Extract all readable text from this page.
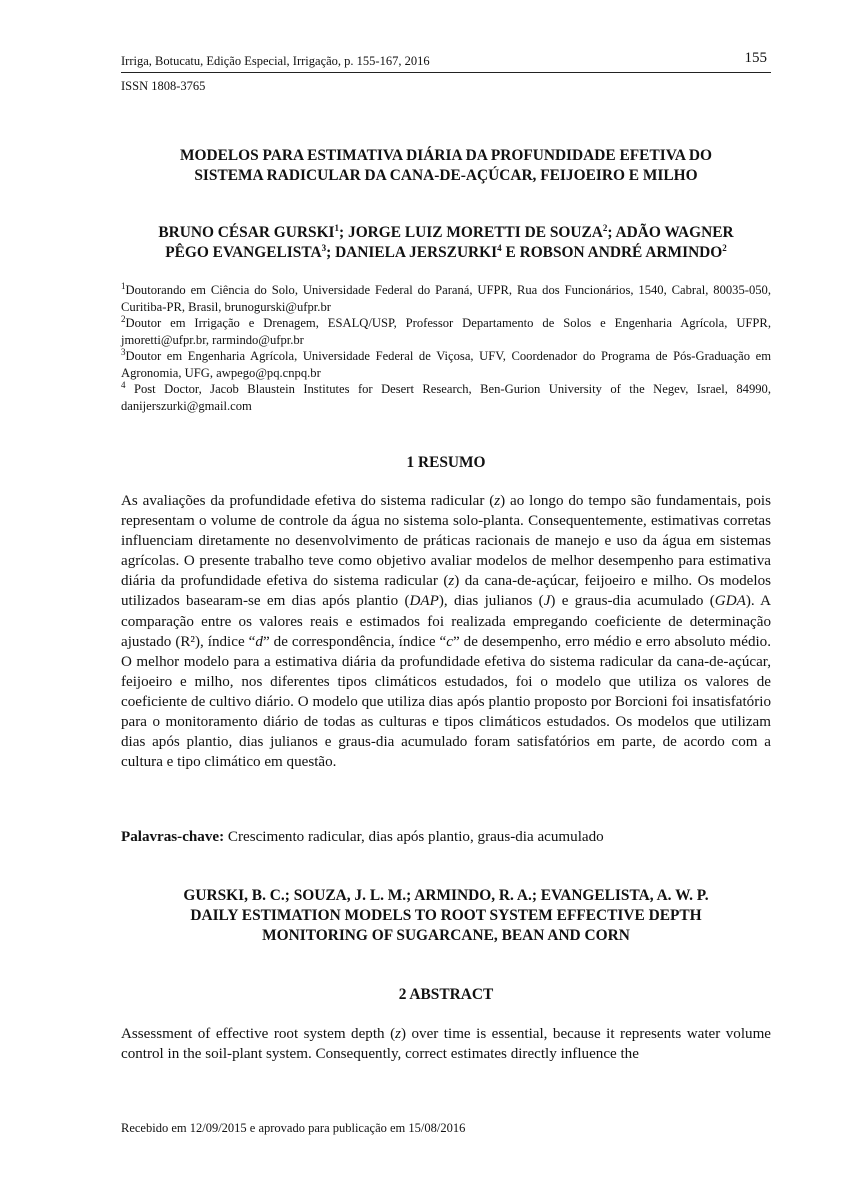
Irriga, Botucatu, Edição Especial, Irrigação, p. 155-167, 2016	155
ISSN 1808-3765
MODELOS PARA ESTIMATIVA DIÁRIA DA PROFUNDIDADE EFETIVA DO
SISTEMA RADICULAR DA CANA-DE-AÇÚCAR, FEIJOEIRO E MILHO
BRUNO CÉSAR GURSKI$^1$; JORGE LUIZ MORETTI DE SOUZA$^2$; ADÃO WAGNER
PÊGO EVANGELISTA$^3$; DANIELA JERSZURKI$^4$ E ROBSON ANDRÉ ARMINDO$^2$

$^1$Doutorando em Ciência do Solo, Universidade Federal do Paraná, UFPR, Rua dos Funcionários, 1540, Cabral, 80035-050, Curitiba-PR, Brasil, brunogurski@ufpr.br

$^2$Doutor em Irrigação e Drenagem, ESALQ/USP, Professor Departamento de Solos e Engenharia Agrícola, UFPR, jmoretti@ufpr.br, rarmindo@ufpr.br

$^3$Doutor em Engenharia Agrícola, Universidade Federal de Viçosa, UFV, Coordenador do Programa de Pós-Graduação em Agronomia, UFG, awpego@pq.cnpq.br

$^4$ Post Doctor, Jacob Blaustein Institutes for Desert Research, Ben-Gurion University of the Negev, Israel, 84990, danijerszurki@gmail.com

1 RESUMO

As avaliações da profundidade efetiva do sistema radicular (z) ao longo do tempo são fundamentais, pois representam o volume de controle da água no sistema solo-planta. Consequentemente, estimativas corretas influenciam diretamente no desenvolvimento de práticas racionais de manejo e uso da água em sistemas agrícolas. O presente trabalho teve como objetivo avaliar modelos de melhor desempenho para estimativa diária da profundidade efetiva do sistema radicular (z) da cana-de-açúcar, feijoeiro e milho. Os modelos utilizados basearam-se em dias após plantio (DAP), dias julianos (J) e graus-dia acumulado (GDA). A comparação entre os valores reais e estimados foi realizada empregando coeficiente de determinação ajustado (R²), índice “d” de correspondência, índice “c” de desempenho, erro médio e erro absoluto médio. O melhor modelo para a estimativa diária da profundidade efetiva do sistema radicular da cana-de-açúcar, feijoeiro e milho, nos diferentes tipos climáticos estudados, foi o modelo que utiliza os valores de coeficiente de cultivo diário. O modelo que utiliza dias após plantio proposto por Borcioni foi insatisfatório para o monitoramento diário de todas as culturas e tipos climáticos estudados. Os modelos que utilizam dias após plantio, dias julianos e graus-dia acumulado foram satisfatórios em parte, de acordo com a cultura e tipo climático em questão.

Palavras-chave: Crescimento radicular, dias após plantio, graus-dia acumulado

GURSKI, B. C.; SOUZA, J. L. M.; ARMINDO, R. A.; EVANGELISTA, A. W. P.
DAILY ESTIMATION MODELS TO ROOT SYSTEM EFFECTIVE DEPTH
MONITORING OF SUGARCANE, BEAN AND CORN
2 ABSTRACT

Assessment of effective root system depth (z) over time is essential, because it represents water volume control in the soil-plant system. Consequently, correct estimates directly influence the

Recebido em 12/09/2015 e aprovado para publicação em 15/08/2016
